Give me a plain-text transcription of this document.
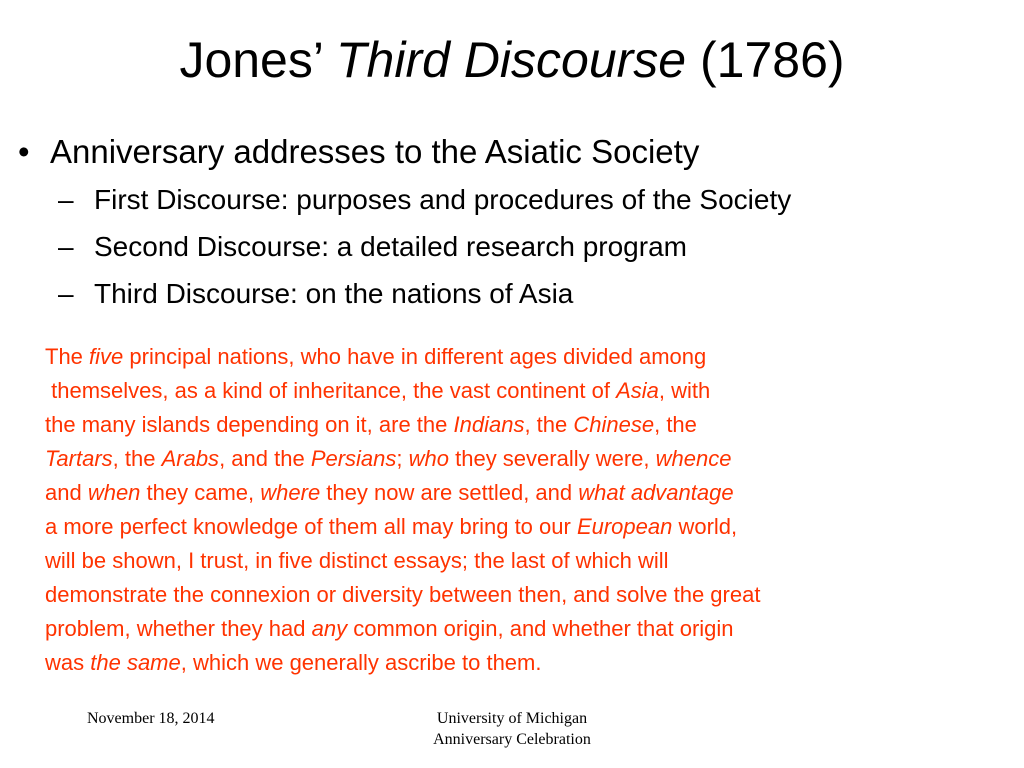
Jones’ Third Discourse (1786)
• Anniversary addresses to the Asiatic Society
– First Discourse: purposes and procedures of the Society
– Second Discourse: a detailed research program
– Third Discourse: on the nations of Asia
The five principal nations, who have in different ages divided among
themselves, as a kind of inheritance, the vast continent of Asia, with
the many islands depending on it, are the Indians, the Chinese, the
Tartars, the Arabs, and the Persians; who they severally were, whence
and when they came, where they now are settled, and what advantage
a more perfect knowledge of them all may bring to our European world,
will be shown, I trust, in five distinct essays; the last of which will
demonstrate the connexion or diversity between then, and solve the great
problem, whether they had any common origin, and whether that origin
was the same, which we generally ascribe to them.
November 18, 2014	University of Michigan
Anniversary Celebration
